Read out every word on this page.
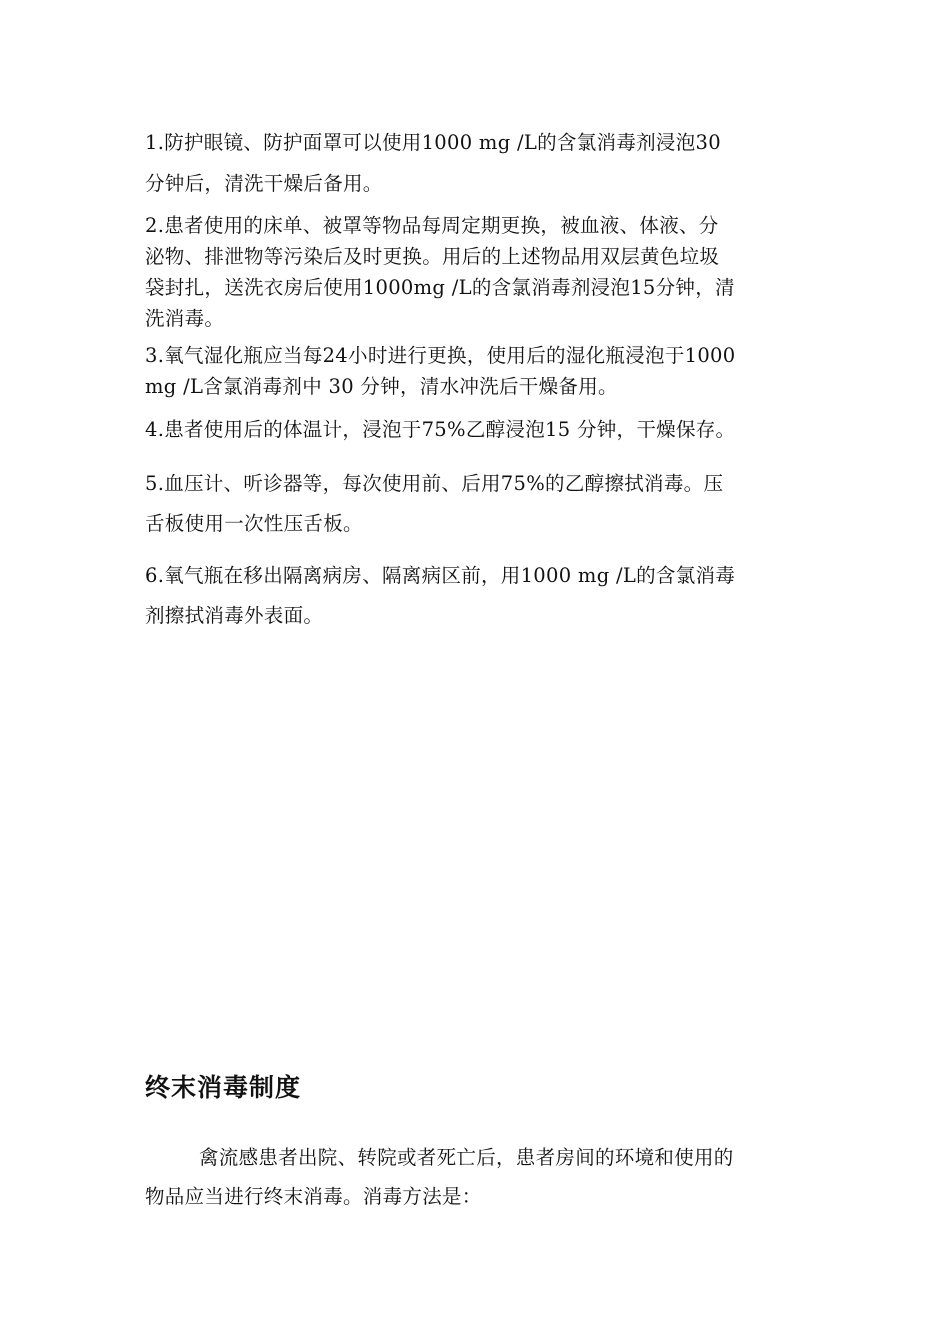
1.防护眼镜、防护面罩可以使用1000 mg /L的含氯消毒剂浸泡30
分钟后，清洗干燥后备用。

2.患者使用的床单、被罩等物品每周定期更换，被血液、体液、分
泌物、排泄物等污染后及时更换。用后的上述物品用双层黄色垃圾
袋封扎，送洗衣房后使用1000mg /L的含氯消毒剂浸泡15分钟，清
洗消毒。

3.氧气湿化瓶应当每24小时进行更换，使用后的湿化瓶浸泡于1000
mg /L含氯消毒剂中 30 分钟，清水冲洗后干燥备用。

4.患者使用后的体温计，浸泡于75%乙醇浸泡15 分钟，干燥保存。

5.血压计、听诊器等，每次使用前、后用75%的乙醇擦拭消毒。压
舌板使用一次性压舌板。

6.氧气瓶在移出隔离病房、隔离病区前，用1000 mg /L的含氯消毒
剂擦拭消毒外表面。

终末消毒制度

禽流感患者出院、转院或者死亡后，患者房间的环境和使用的
物品应当进行终末消毒。消毒方法是：
